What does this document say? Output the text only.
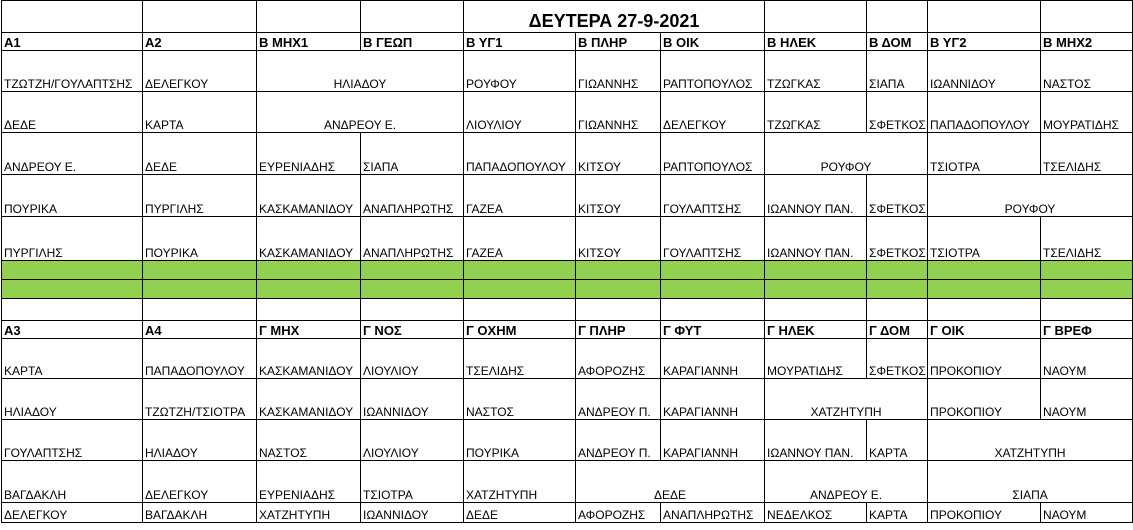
				ΔΕΥΤΕΡΑ 27-9-2021						
Α1	Α2	Β ΜΗΧ1	Β ΓΕΩΠ	Β ΥΓ1	Β ΠΛΗΡ	Β ΟΙΚ	Β ΗΛΕΚ	Β ΔΟΜ	Β ΥΓ2	Β ΜΗΧ2
ΤΖΩΤΖΗ/ΓΟΥΛΑΠΤΣΗΣ	ΔΕΛΕΓΚΟΥ	ΗΛΙΑΔΟΥ		ΡΟΥΦΟΥ	ΓΙΩΑΝΝΗΣ	ΡΑΠΤΟΠΟΥΛΟΣ	ΤΖΩΓΚΑΣ	ΣΙΑΠΑ	ΙΩΑΝΝΙΔΟΥ	ΝΑΣΤΟΣ
ΔΕΔΕ	ΚΑΡΤΑ	ΑΝΔΡΕΟΥ Ε.		ΛΙΟΥΛΙΟΥ	ΓΙΩΑΝΝΗΣ	ΔΕΛΕΓΚΟΥ	ΤΖΩΓΚΑΣ	ΣΦΕΤΚΟΣ	ΠΑΠΑΔΟΠΟΥΛΟΥ	ΜΟΥΡΑΤΙΔΗΣ
ΑΝΔΡΕΟΥ Ε.	ΔΕΔΕ	ΕΥΡΕΝΙΑΔΗΣ	ΣΙΑΠΑ	ΠΑΠΑΔΟΠΟΥΛΟΥ	ΚΙΤΣΟΥ	ΡΑΠΤΟΠΟΥΛΟΣ	ΡΟΥΦΟΥ		ΤΣΙΟΤΡΑ	ΤΣΕΛΙΔΗΣ
ΠΟΥΡΙΚΑ	ΠΥΡΓΙΛΗΣ	ΚΑΣΚΑΜΑΝΙΔΟΥ	ΑΝΑΠΛΗΡΩΤΗΣ	ΓΑΖΕΑ	ΚΙΤΣΟΥ	ΓΟΥΛΑΠΤΣΗΣ	ΙΩΑΝΝΟΥ ΠΑΝ.	ΣΦΕΤΚΟΣ	ΡΟΥΦΟΥ	
ΠΥΡΓΙΛΗΣ	ΠΟΥΡΙΚΑ	ΚΑΣΚΑΜΑΝΙΔΟΥ	ΑΝΑΠΛΗΡΩΤΗΣ	ΓΑΖΕΑ	ΚΙΤΣΟΥ	ΓΟΥΛΑΠΤΣΗΣ	ΙΩΑΝΝΟΥ ΠΑΝ.	ΣΦΕΤΚΟΣ	ΤΣΙΟΤΡΑ	ΤΣΕΛΙΔΗΣ

Α3	Α4	Γ ΜΗΧ	Γ ΝΟΣ	Γ ΟΧΗΜ	Γ ΠΛΗΡ	Γ ΦΥΤ	Γ ΗΛΕΚ	Γ ΔΟΜ	Γ ΟΙΚ	Γ ΒΡΕΦ
ΚΑΡΤΑ	ΠΑΠΑΔΟΠΟΥΛΟΥ	ΚΑΣΚΑΜΑΝΙΔΟΥ	ΛΙΟΥΛΙΟΥ	ΤΣΕΛΙΔΗΣ	ΑΦΟΡΟΖΗΣ	ΚΑΡΑΓΙΑΝΝΗ	ΜΟΥΡΑΤΙΔΗΣ	ΣΦΕΤΚΟΣ	ΠΡΟΚΟΠΙΟΥ	ΝΑΟΥΜ
ΗΛΙΑΔΟΥ	ΤΖΩΤΖΗ/ΤΣΙΟΤΡΑ	ΚΑΣΚΑΜΑΝΙΔΟΥ	ΙΩΑΝΝΙΔΟΥ	ΝΑΣΤΟΣ	ΑΝΔΡΕΟΥ Π.	ΚΑΡΑΓΙΑΝΝΗ	ΧΑΤΖΗΤΥΠΗ		ΠΡΟΚΟΠΙΟΥ	ΝΑΟΥΜ
ΓΟΥΛΑΠΤΣΗΣ	ΗΛΙΑΔΟΥ	ΝΑΣΤΟΣ	ΛΙΟΥΛΙΟΥ	ΠΟΥΡΙΚΑ	ΑΝΔΡΕΟΥ Π.	ΚΑΡΑΓΙΑΝΝΗ	ΙΩΑΝΝΟΥ ΠΑΝ.	ΚΑΡΤΑ	ΧΑΤΖΗΤΥΠΗ	
ΒΑΓΔΑΚΛΗ	ΔΕΛΕΓΚΟΥ	ΕΥΡΕΝΙΑΔΗΣ	ΤΣΙΟΤΡΑ	ΧΑΤΖΗΤΥΠΗ	ΔΕΔΕ		ΑΝΔΡΕΟΥ Ε.		ΣΙΑΠΑ	
ΔΕΛΕΓΚΟΥ	ΒΑΓΔΑΚΛΗ	ΧΑΤΖΗΤΥΠΗ	ΙΩΑΝΝΙΔΟΥ	ΔΕΔΕ	ΑΦΟΡΟΖΗΣ	ΑΝΑΠΛΗΡΩΤΗΣ	ΝΕΔΕΛΚΟΣ	ΚΑΡΤΑ	ΠΡΟΚΟΠΙΟΥ	ΝΑΟΥΜ
